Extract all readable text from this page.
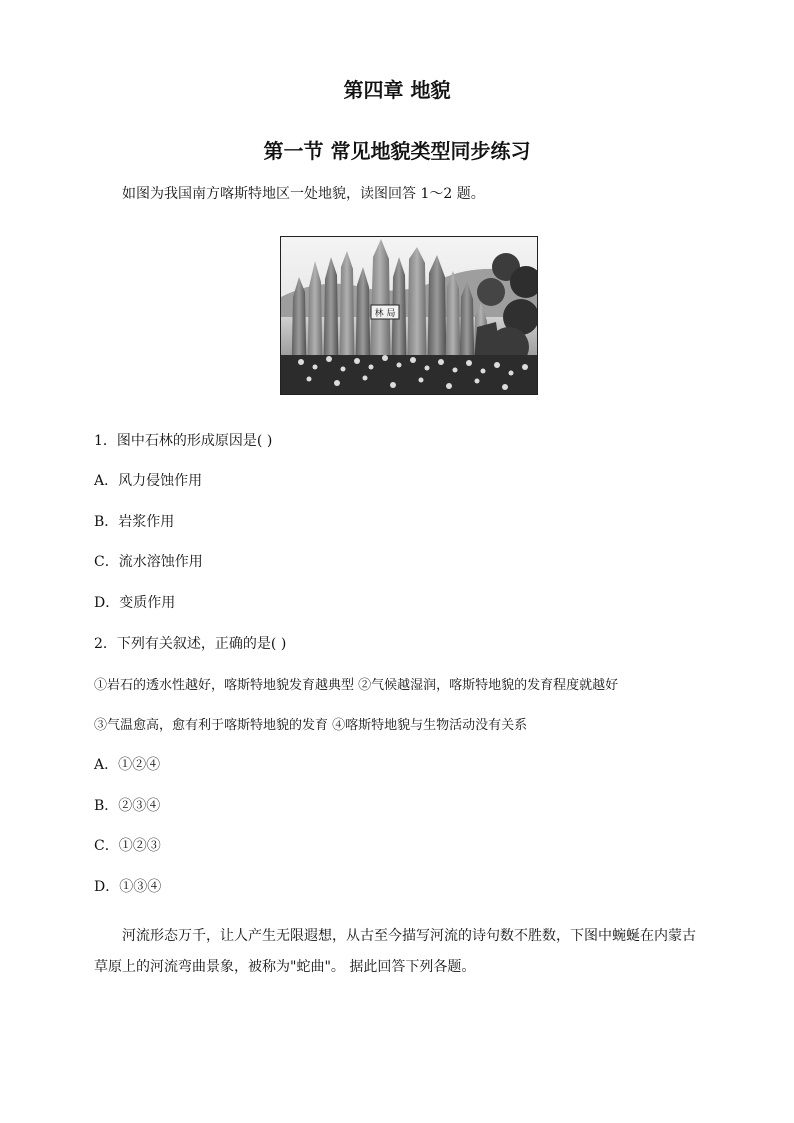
第四章 地貌
第一节 常见地貌类型同步练习
如图为我国南方喀斯特地区一处地貌，读图回答 1～2 题。
林 局
1．图中石林的形成原因是( )
A．风力侵蚀作用
B．岩浆作用
C．流水溶蚀作用
D．变质作用
2．下列有关叙述，正确的是( )
①岩石的透水性越好，喀斯特地貌发育越典型 ②气候越湿润，喀斯特地貌的发育程度就越好
③气温愈高，愈有利于喀斯特地貌的发育 ④喀斯特地貌与生物活动没有关系
A．①②④
B．②③④
C．①②③
D．①③④
河流形态万千，让人产生无限遐想，从古至今描写河流的诗句数不胜数，下图中蜿蜒在内蒙古
草原上的河流弯曲景象，被称为"蛇曲"。 据此回答下列各题。
